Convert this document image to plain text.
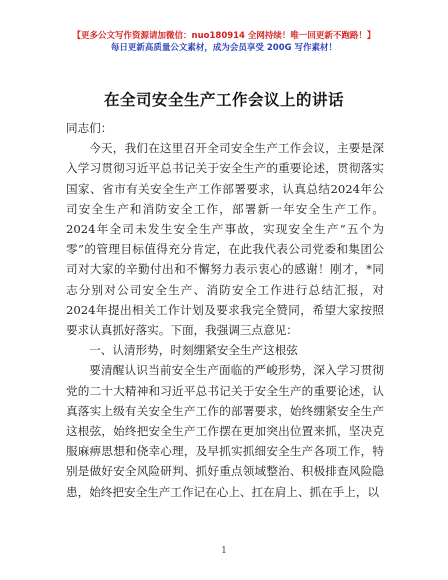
【更多公文写作资源请加微信：nuo180914 全网持续！唯一回更新不跑路！】
每日更新高质量公文素材，成为会员享受 200G 写作素材！
在全司安全生产工作会议上的讲话

同志们：

今天，我们在这里召开全司安全生产工作会议，主要是深入学习贯彻习近平总书记关于安全生产的重要论述，贯彻落实国家、省市有关安全生产工作部署要求，认真总结2024年公司安全生产和消防安全工作，部署新一年安全生产工作。2024年全司未发生安全生产事故，实现安全生产“五个为零”的管理目标值得充分肯定，在此我代表公司党委和集团公司对大家的辛勤付出和不懈努力表示衷心的感谢！刚才，*同志分别对公司安全生产、消防安全工作进行总结汇报，对2024年提出相关工作计划及要求我完全赞同，希望大家按照要求认真抓好落实。下面，我强调三点意见：

一、认清形势，时刻绷紧安全生产这根弦

要清醒认识当前安全生产面临的严峻形势，深入学习贯彻党的二十大精神和习近平总书记关于安全生产的重要论述，认真落实上级有关安全生产工作的部署要求，始终绷紧安全生产这根弦，始终把安全生产工作摆在更加突出位置来抓，坚决克服麻痹思想和侥幸心理，及早抓实抓细安全生产各项工作，特别是做好安全风险研判、抓好重点领域整治、积极排查风险隐患，始终把安全生产工作记在心上、扛在肩上、抓在手上，以

1
